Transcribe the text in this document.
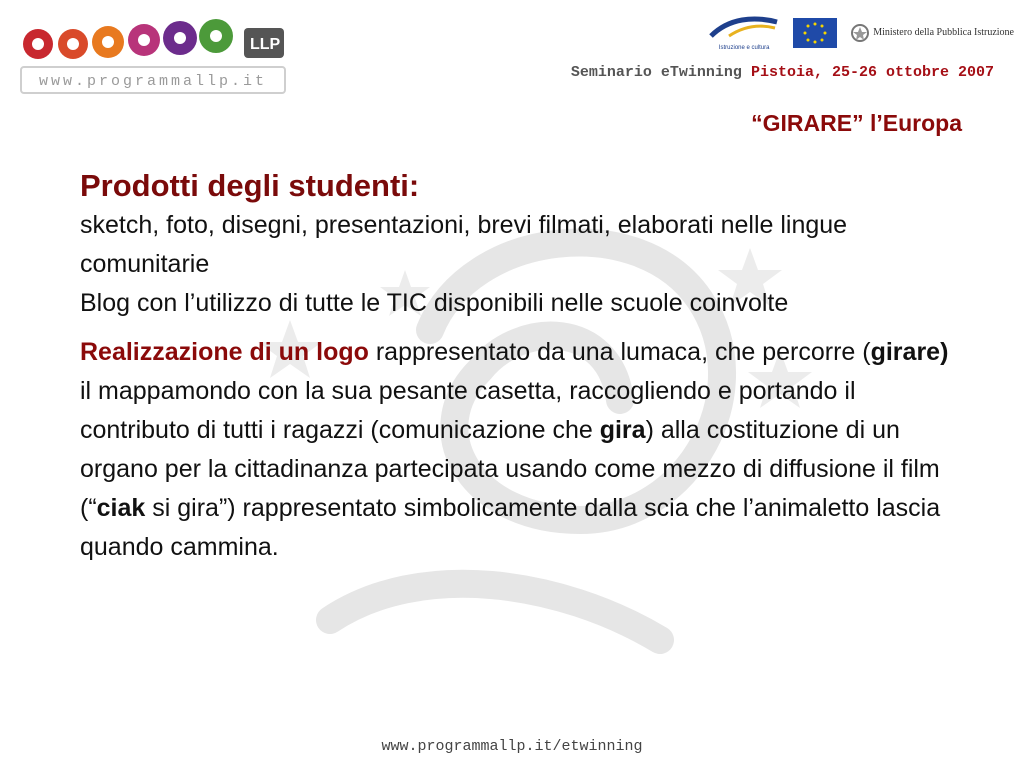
LLP
www.programmallp.it
Istruzione e cultura
Ministero della Pubblica Istruzione
Seminario eTwinning Pistoia, 25-26 ottobre 2007
“GIRARE” l’Europa
Prodotti degli studenti:
sketch, foto, disegni, presentazioni, brevi filmati, elaborati nelle lingue comunitarie
Blog con l’utilizzo di tutte le TIC disponibili nelle scuole coinvolte
Realizzazione di un logo rappresentato da una lumaca, che percorre (girare) il mappamondo con la sua pesante casetta, raccogliendo e portando il contributo di tutti i ragazzi (comunicazione che gira) alla costituzione di un organo per la cittadinanza partecipata usando come mezzo di diffusione il film (“ciak si gira”) rappresentato simbolicamente dalla scia che l’animaletto lascia quando cammina.
www.programmallp.it/etwinning
